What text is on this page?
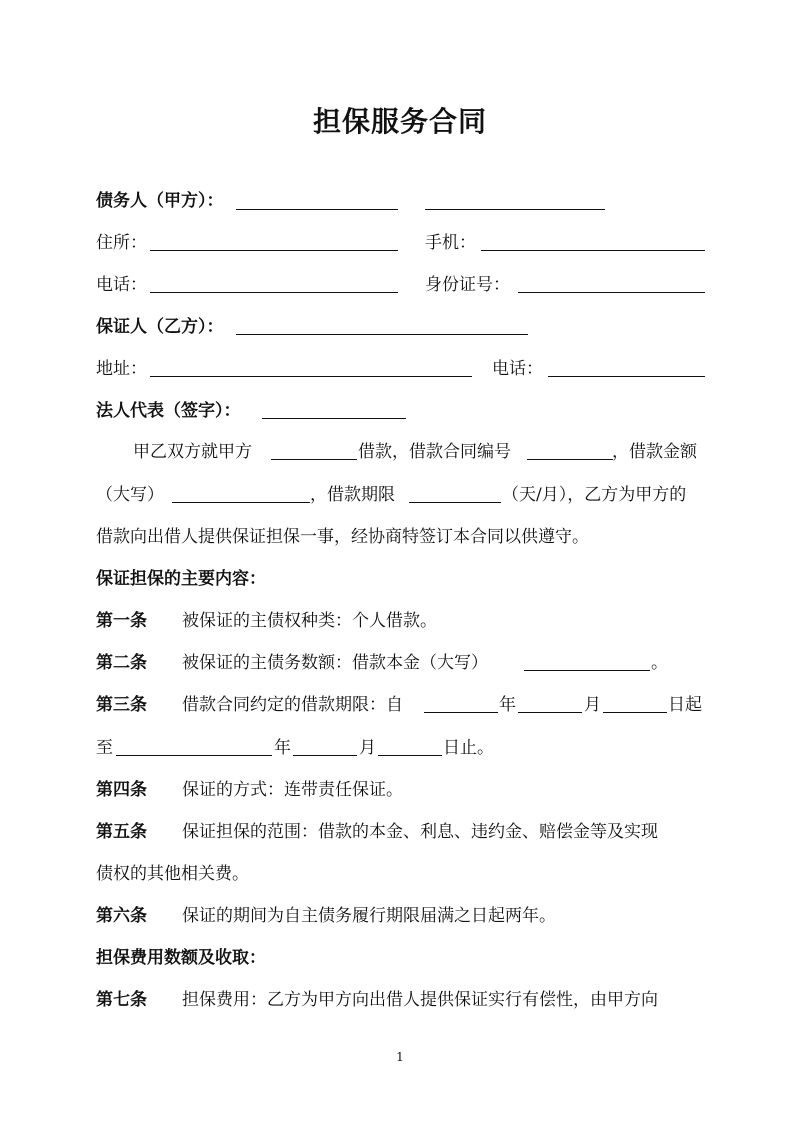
担保服务合同
债务人（甲方）：
住所：	手机：
电话：	身份证号：
保证人（乙方）：
地址：	电话：
法人代表（签字）：
甲乙双方就甲方	借款，借款合同编号	，借款金额
（大写）	，借款期限	（天/月），乙方为甲方的
借款向出借人提供保证担保一事，经协商特签订本合同以供遵守。
保证担保的主要内容：
第一条 被保证的主债权种类：个人借款。
第二条 被保证的主债务数额：借款本金（大写）	。
第三条 借款合同约定的借款期限：自	年	月	日起
至	年	月	日止。
第四条 保证的方式：连带责任保证。
第五条 保证担保的范围：借款的本金、利息、违约金、赔偿金等及实现
债权的其他相关费。
第六条 保证的期间为自主债务履行期限届满之日起两年。
担保费用数额及收取：
第七条 担保费用：乙方为甲方向出借人提供保证实行有偿性，由甲方向
1
